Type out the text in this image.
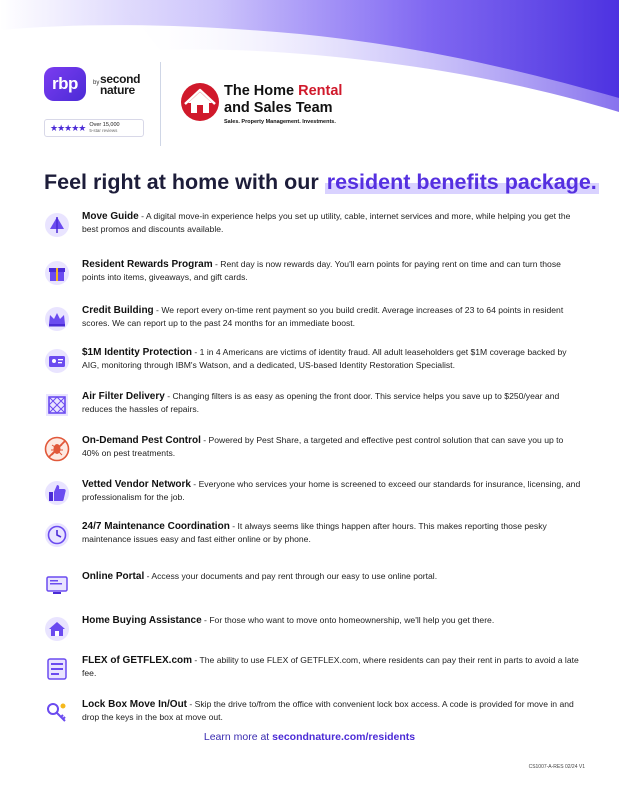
rbp	by second
nature
★★★★★ Over 15,000
5-star reviews
The Home Rental
and Sales Team
Sales. Property Management. Investments.
Feel right at home with our resident benefits package.
Move Guide - A digital move-in experience helps you set up utility, cable, internet services and more, while helping you get the best promos and discounts available.
Resident Rewards Program - Rent day is now rewards day. You'll earn points for paying rent on time and can turn those points into items, giveaways, and gift cards.
Credit Building - We report every on-time rent payment so you build credit. Average increases of 23 to 64 points in resident scores. We can report up to the past 24 months for an immediate boost.
$1M Identity Protection - 1 in 4 Americans are victims of identity fraud. All adult leaseholders get $1M coverage backed by AIG, monitoring through IBM's Watson, and a dedicated, US-based Identity Restoration Specialist.
Air Filter Delivery - Changing filters is as easy as opening the front door. This service helps you save up to $250/year and reduces the hassles of repairs.
On-Demand Pest Control - Powered by Pest Share, a targeted and effective pest control solution that can save you up to 40% on pest treatments.
Vetted Vendor Network - Everyone who services your home is screened to exceed our standards for insurance, licensing, and professionalism for the job.
24/7 Maintenance Coordination - It always seems like things happen after hours. This makes reporting those pesky maintenance issues easy and fast either online or by phone.
Online Portal - Access your documents and pay rent through our easy to use online portal.
Home Buying Assistance - For those who want to move onto homeownership, we'll help you get there.
FLEX of GETFLEX.com - The ability to use FLEX of GETFLEX.com, where residents can pay their rent in parts to avoid a late fee.
Lock Box Move In/Out - Skip the drive to/from the office with convenient lock box access. A code is provided for move in and drop the keys in the box at move out.
Learn more at secondnature.com/residents
CS1007-A-RES 02/24 V1
